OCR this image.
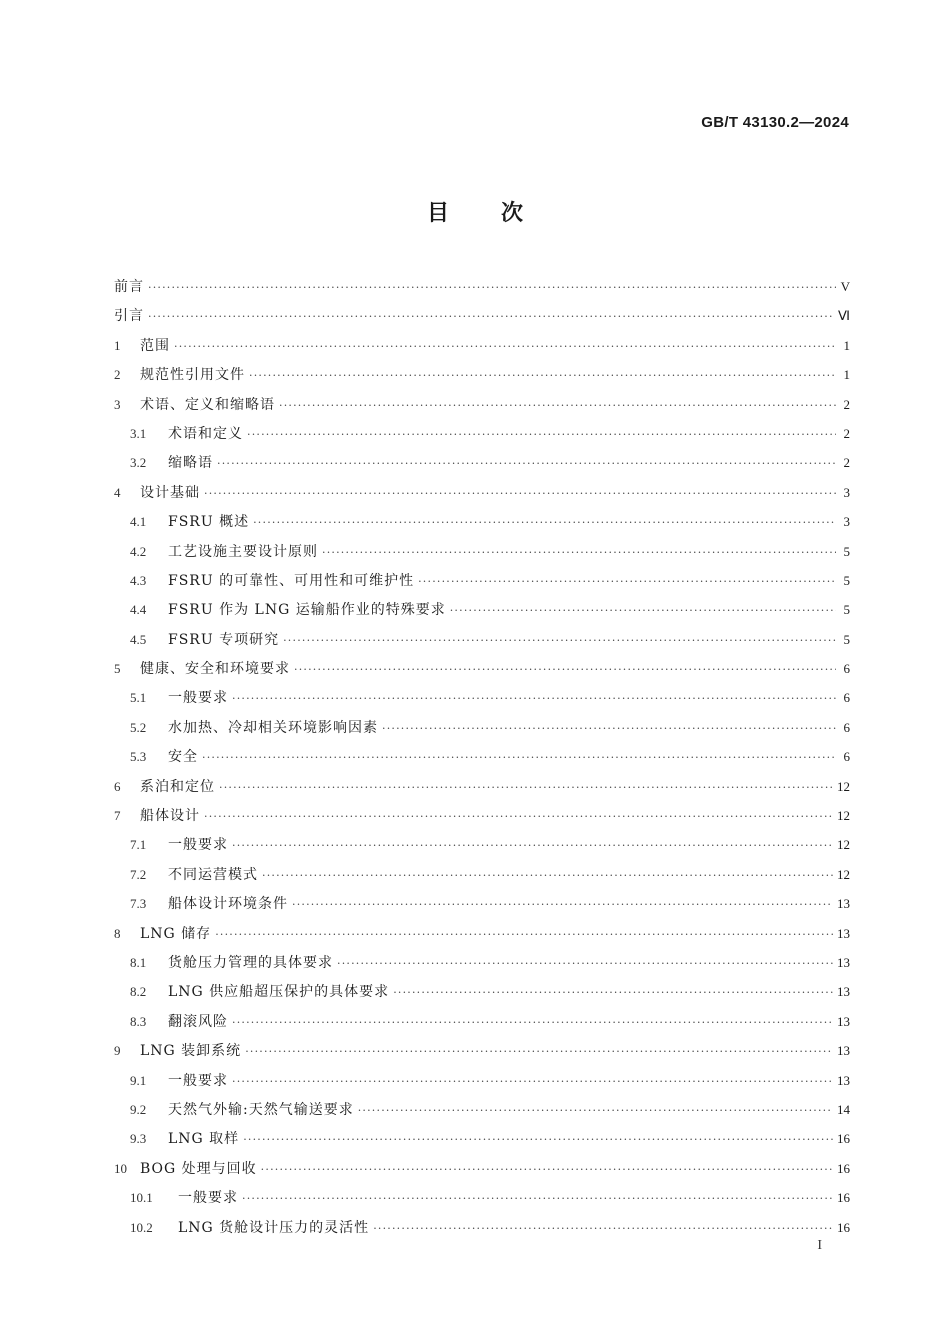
GB/T 43130.2—2024
目次
前言 ·····	V
引言 ·····	Ⅵ
1	范围 ·····	1
2	规范性引用文件 ·····	1
3	术语、定义和缩略语 ·····	2
3.1	术语和定义 ·····	2
3.2	缩略语 ·····	2
4	设计基础 ·····	3
4.1	FSRU 概述 ·····	3
4.2	工艺设施主要设计原则 ·····	5
4.3	FSRU 的可靠性、可用性和可维护性 ·····	5
4.4	FSRU 作为 LNG 运输船作业的特殊要求 ·····	5
4.5	FSRU 专项研究 ·····	5
5	健康、安全和环境要求 ·····	6
5.1	一般要求 ·····	6
5.2	水加热、冷却相关环境影响因素 ·····	6
5.3	安全 ·····	6
6	系泊和定位 ·····	12
7	船体设计 ·····	12
7.1	一般要求 ·····	12
7.2	不同运营模式 ·····	12
7.3	船体设计环境条件 ·····	13
8	LNG 储存 ·····	13
8.1	货舱压力管理的具体要求 ·····	13
8.2	LNG 供应船超压保护的具体要求 ·····	13
8.3	翻滚风险 ·····	13
9	LNG 装卸系统 ·····	13
9.1	一般要求 ·····	13
9.2	天然气外输:天然气输送要求 ·····	14
9.3	LNG 取样 ·····	16
10 BOG 处理与回收 ·····	16
10.1	一般要求 ·····	16
10.2	LNG 货舱设计压力的灵活性 ·····	16
I
